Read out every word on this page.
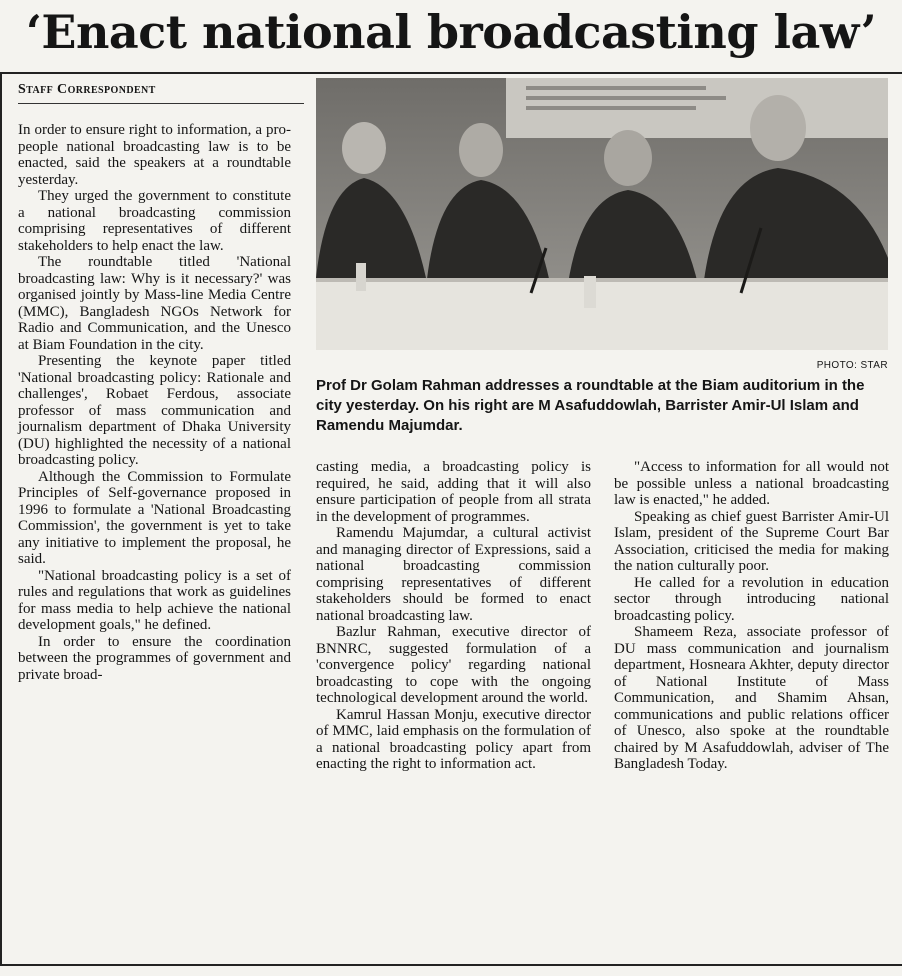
‘Enact national broadcasting law’
Staff Correspondent

In order to ensure right to information, a pro-people national broadcasting law is to be enacted, said the speakers at a roundtable yesterday.

They urged the government to constitute a national broadcasting commission comprising representatives of different stakeholders to help enact the law.

The roundtable titled 'National broadcasting law: Why is it necessary?' was organised jointly by Mass-line Media Centre (MMC), Bangladesh NGOs Network for Radio and Communication, and the Unesco at Biam Foundation in the city.

Presenting the keynote paper titled 'National broadcasting policy: Rationale and challenges', Robaet Ferdous, associate professor of mass communication and journalism department of Dhaka University (DU) highlighted the necessity of a national broadcasting policy.

Although the Commission to Formulate Principles of Self-governance proposed in 1996 to formulate a 'National Broadcasting Commission', the government is yet to take any initiative to implement the proposal, he said.

"National broadcasting policy is a set of rules and regulations that work as guidelines for mass media to help achieve the national development goals," he defined.

In order to ensure the coordination between the programmes of government and private broad-

PHOTO: STAR
Prof Dr Golam Rahman addresses a roundtable at the Biam auditorium in the city yesterday. On his right are M Asafuddowlah, Barrister Amir-Ul Islam and Ramendu Majumdar.

casting media, a broadcasting policy is required, he said, adding that it will also ensure participation of people from all strata in the development of programmes.

Ramendu Majumdar, a cultural activist and managing director of Expressions, said a national broadcasting commission comprising representatives of different stakeholders should be formed to enact national broadcasting law.

Bazlur Rahman, executive director of BNNRC, suggested formulation of a 'convergence policy' regarding national broadcasting to cope with the ongoing technological development around the world.

Kamrul Hassan Monju, executive director of MMC, laid emphasis on the formulation of a national broadcasting policy apart from enacting the right to information act.

"Access to information for all would not be possible unless a national broadcasting law is enacted," he added.

Speaking as chief guest Barrister Amir-Ul Islam, president of the Supreme Court Bar Association, criticised the media for making the nation culturally poor.

He called for a revolution in education sector through introducing national broadcasting policy.

Shameem Reza, associate professor of DU mass communication and journalism department, Hosneara Akhter, deputy director of National Institute of Mass Communication, and Shamim Ahsan, communications and public relations officer of Unesco, also spoke at the roundtable chaired by M Asafuddowlah, adviser of The Bangladesh Today.
